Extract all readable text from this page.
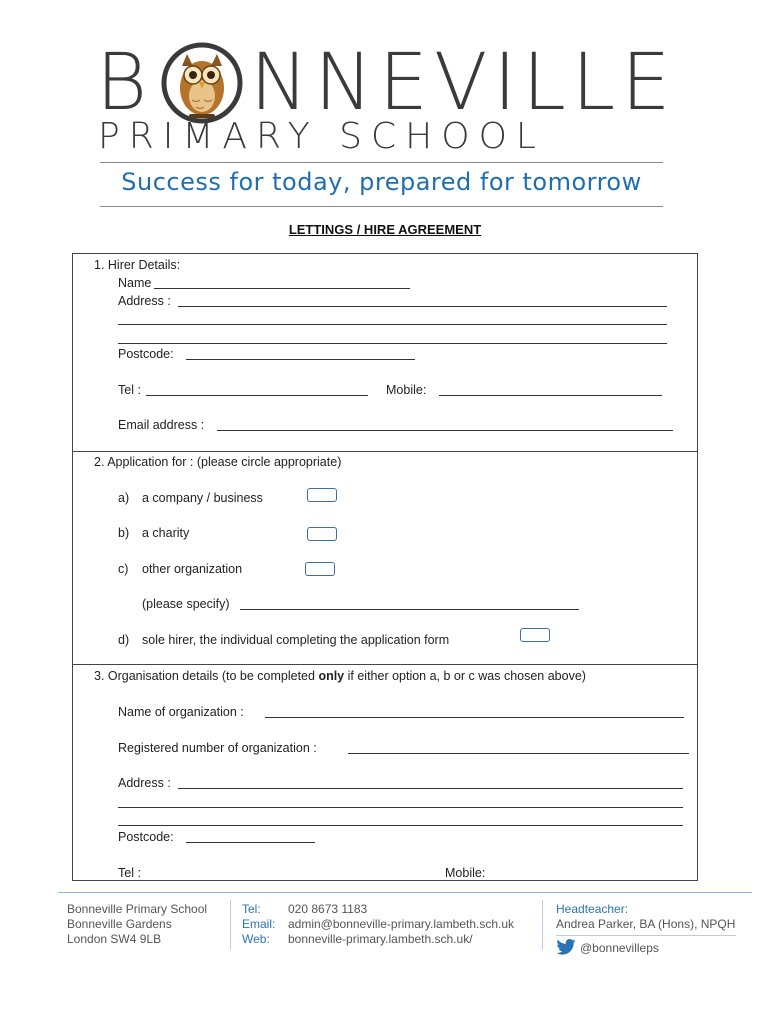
B NNEVILLE
PRIMARY SCHOOL
Success for today, prepared for tomorrow
LETTINGS / HIRE AGREEMENT
1. Hirer Details:
Name
Address :
Postcode:
Tel :	Mobile:
Email address :
2. Application for : (please circle appropriate)
a) a company / business
b) a charity
c) other organization
(please specify)
d) sole hirer, the individual completing the application form
3. Organisation details (to be completed only if either option a, b or c was chosen above)
Name of organization :
Registered number of organization :
Address :
Postcode:
Tel :	Mobile:
Bonneville Primary School
Bonneville Gardens
London SW4 9LB
Tel:
Email:
Web:
020 8673 1183
admin@bonneville-primary.lambeth.sch.uk
bonneville-primary.lambeth.sch.uk/
Headteacher:
Andrea Parker, BA (Hons), NPQH
@bonnevilleps
